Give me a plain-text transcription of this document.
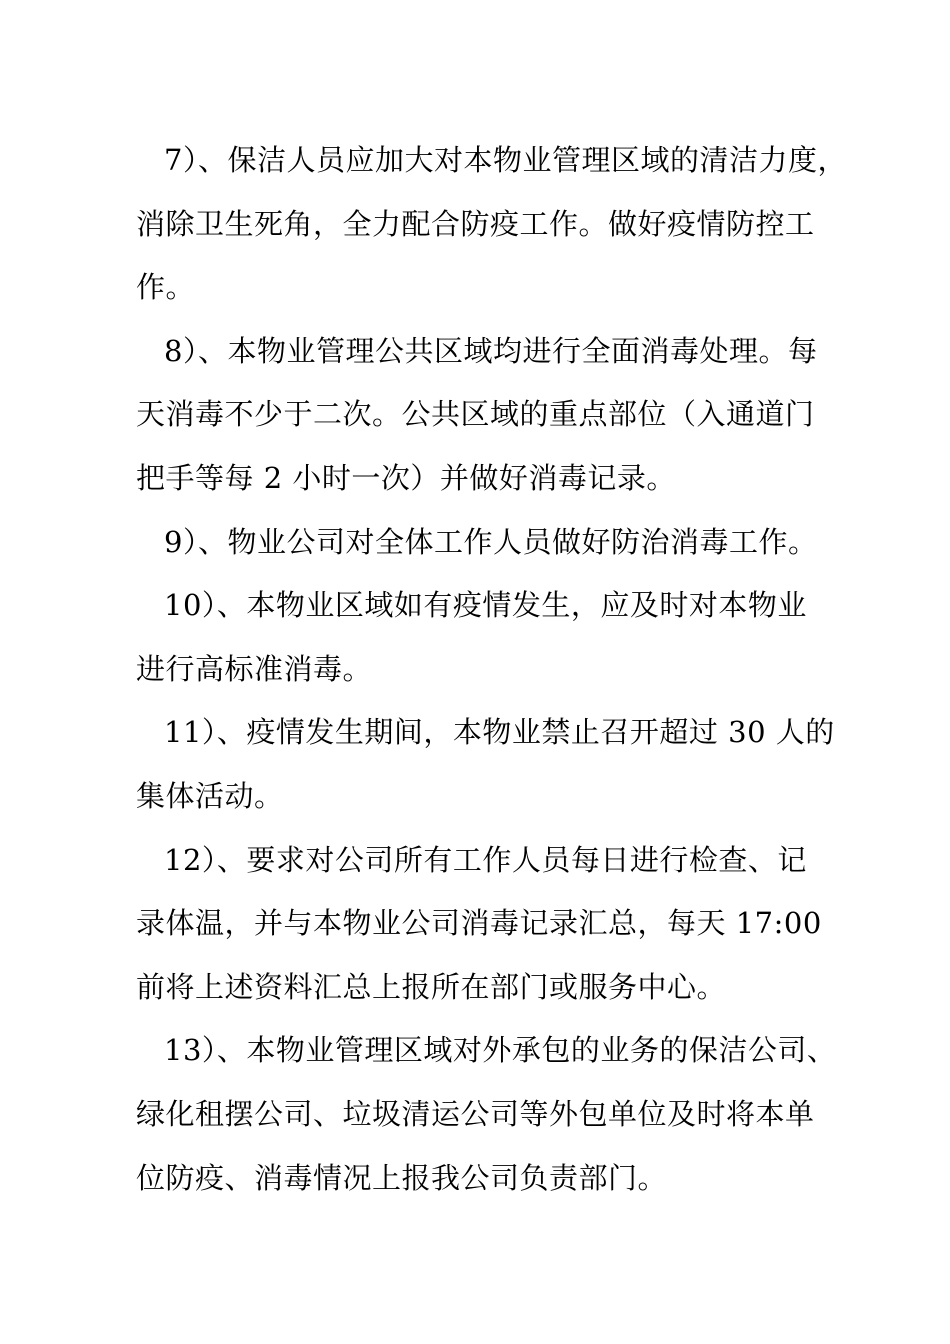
7）、保洁人员应加大对本物业管理区域的清洁力度，
消除卫生死角，全力配合防疫工作。做好疫情防控工
作。
8）、本物业管理公共区域均进行全面消毒处理。每
天消毒不少于二次。公共区域的重点部位（入通道门
把手等每 2 小时一次）并做好消毒记录。
9）、物业公司对全体工作人员做好防治消毒工作。
10）、本物业区域如有疫情发生，应及时对本物业
进行高标准消毒。
11）、疫情发生期间，本物业禁止召开超过 30 人的
集体活动。
12）、要求对公司所有工作人员每日进行检查、记
录体温，并与本物业公司消毒记录汇总，每天 17:00
前将上述资料汇总上报所在部门或服务中心。
13）、本物业管理区域对外承包的业务的保洁公司、
绿化租摆公司、垃圾清运公司等外包单位及时将本单
位防疫、消毒情况上报我公司负责部门。
